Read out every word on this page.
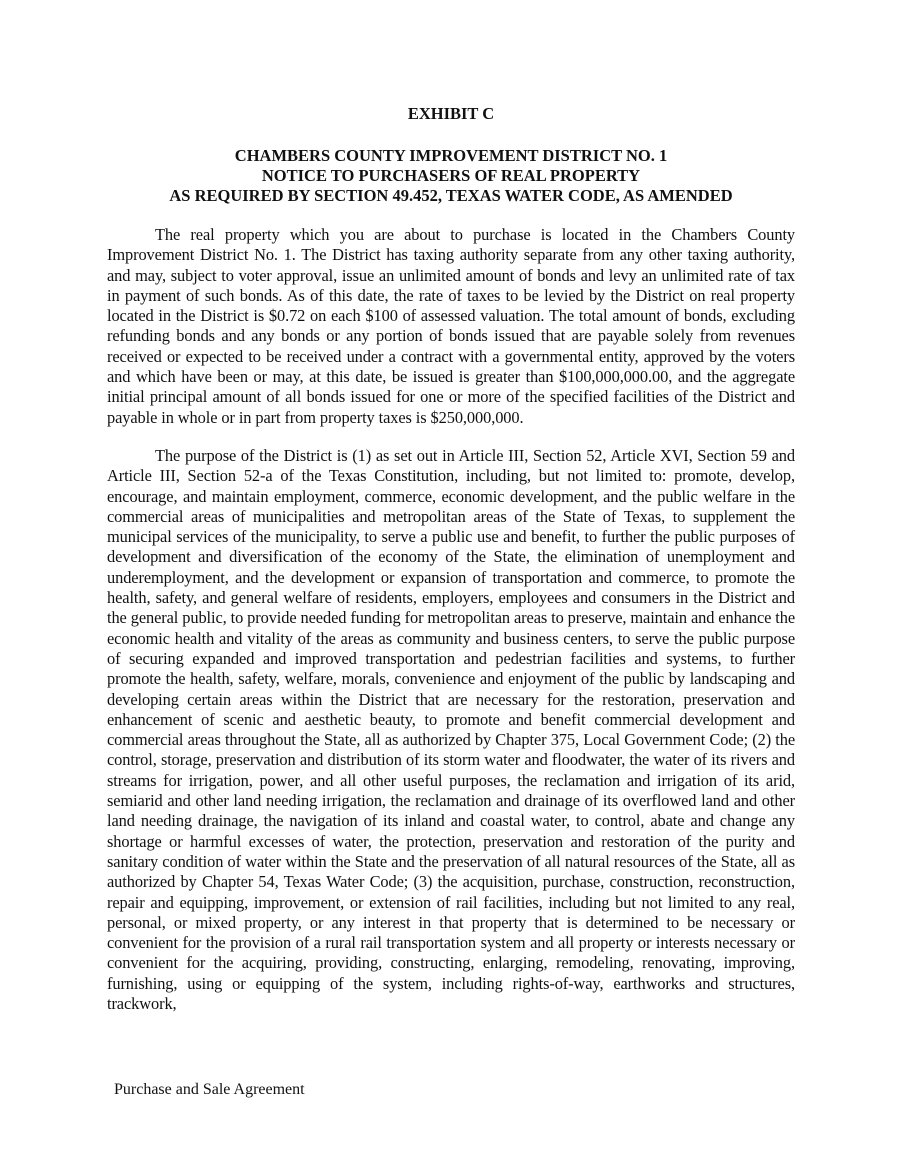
EXHIBIT C
CHAMBERS COUNTY IMPROVEMENT DISTRICT NO. 1
NOTICE TO PURCHASERS OF REAL PROPERTY
AS REQUIRED BY SECTION 49.452, TEXAS WATER CODE, AS AMENDED

The real property which you are about to purchase is located in the Chambers County Improvement District No. 1. The District has taxing authority separate from any other taxing authority, and may, subject to voter approval, issue an unlimited amount of bonds and levy an unlimited rate of tax in payment of such bonds. As of this date, the rate of taxes to be levied by the District on real property located in the District is $0.72 on each $100 of assessed valuation. The total amount of bonds, excluding refunding bonds and any bonds or any portion of bonds issued that are payable solely from revenues received or expected to be received under a contract with a governmental entity, approved by the voters and which have been or may, at this date, be issued is greater than $100,000,000.00, and the aggregate initial principal amount of all bonds issued for one or more of the specified facilities of the District and payable in whole or in part from property taxes is $250,000,000.

The purpose of the District is (1) as set out in Article III, Section 52, Article XVI, Section 59 and Article III, Section 52-a of the Texas Constitution, including, but not limited to: promote, develop, encourage, and maintain employment, commerce, economic development, and the public welfare in the commercial areas of municipalities and metropolitan areas of the State of Texas, to supplement the municipal services of the municipality, to serve a public use and benefit, to further the public purposes of development and diversification of the economy of the State, the elimination of unemployment and underemployment, and the development or expansion of transportation and commerce, to promote the health, safety, and general welfare of residents, employers, employees and consumers in the District and the general public, to provide needed funding for metropolitan areas to preserve, maintain and enhance the economic health and vitality of the areas as community and business centers, to serve the public purpose of securing expanded and improved transportation and pedestrian facilities and systems, to further promote the health, safety, welfare, morals, convenience and enjoyment of the public by landscaping and developing certain areas within the District that are necessary for the restoration, preservation and enhancement of scenic and aesthetic beauty, to promote and benefit commercial development and commercial areas throughout the State, all as authorized by Chapter 375, Local Government Code; (2) the control, storage, preservation and distribution of its storm water and floodwater, the water of its rivers and streams for irrigation, power, and all other useful purposes, the reclamation and irrigation of its arid, semiarid and other land needing irrigation, the reclamation and drainage of its overflowed land and other land needing drainage, the navigation of its inland and coastal water, to control, abate and change any shortage or harmful excesses of water, the protection, preservation and restoration of the purity and sanitary condition of water within the State and the preservation of all natural resources of the State, all as authorized by Chapter 54, Texas Water Code; (3) the acquisition, purchase, construction, reconstruction, repair and equipping, improvement, or extension of rail facilities, including but not limited to any real, personal, or mixed property, or any interest in that property that is determined to be necessary or convenient for the provision of a rural rail transportation system and all property or interests necessary or convenient for the acquiring, providing, constructing, enlarging, remodeling, renovating, improving, furnishing, using or equipping of the system, including rights-of-way, earthworks and structures, trackwork,

Purchase and Sale Agreement
